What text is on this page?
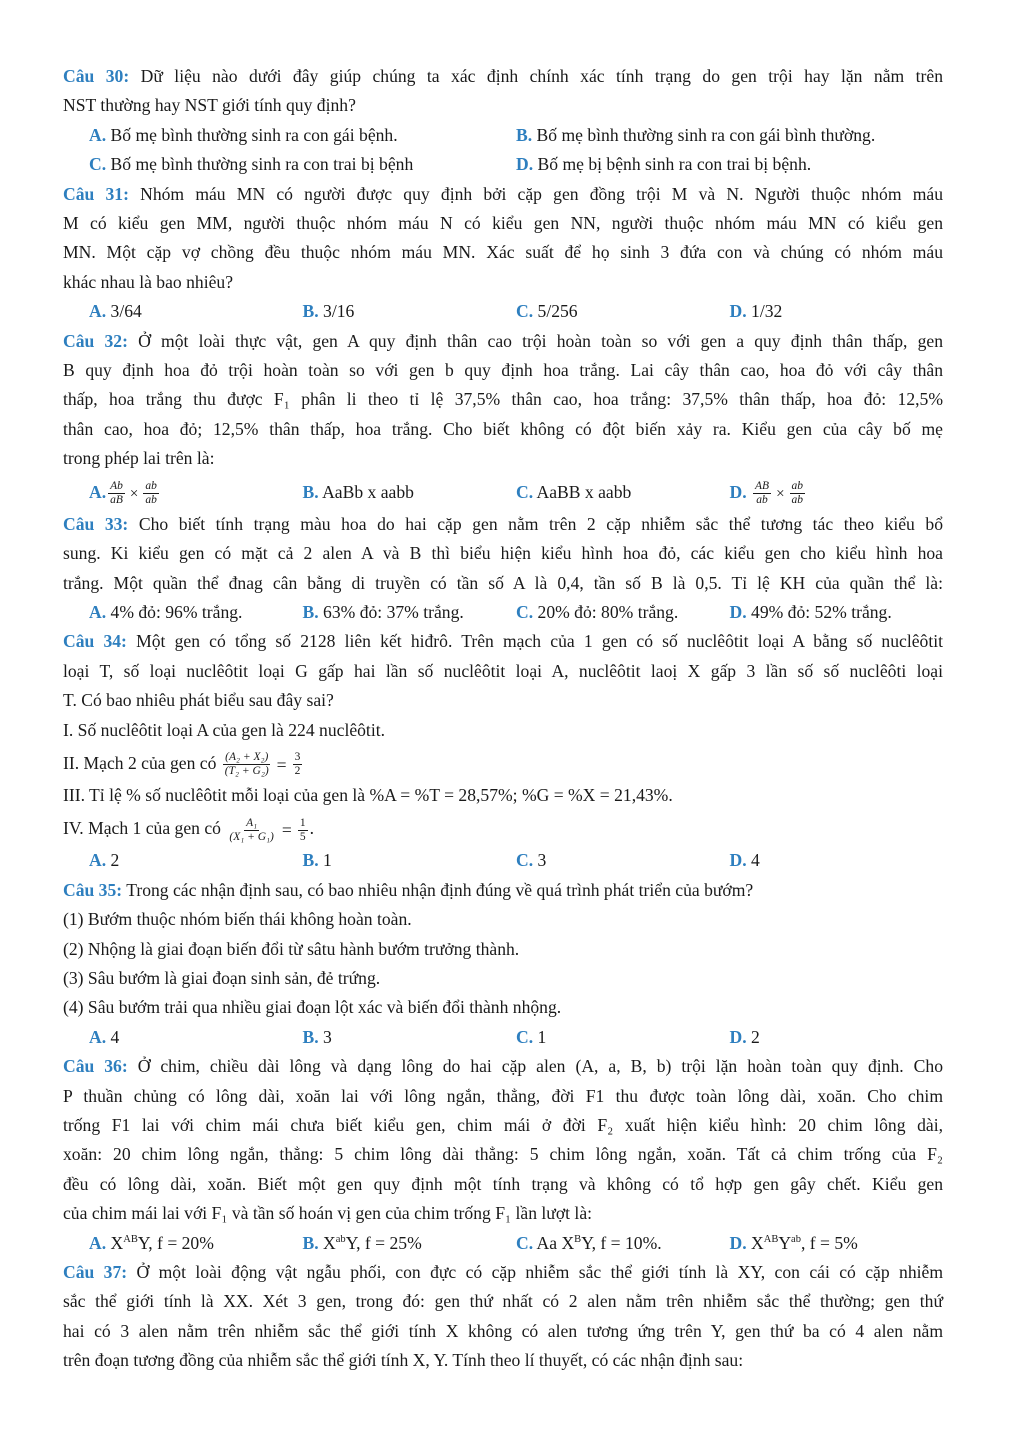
Câu 30: Dữ liệu nào dưới đây giúp chúng ta xác định chính xác tính trạng do gen trội hay lặn nằm trên
NST thường hay NST giới tính quy định?
A. Bố mẹ bình thường sinh ra con gái bệnh.	B. Bố mẹ bình thường sinh ra con gái bình thường.
C. Bố mẹ bình thường sinh ra con trai bị bệnh	D. Bố mẹ bị bệnh sinh ra con trai bị bệnh.
Câu 31: Nhóm máu MN có người được quy định bởi cặp gen đồng trội M và N. Người thuộc nhóm máu
M có kiểu gen MM, người thuộc nhóm máu N có kiểu gen NN, người thuộc nhóm máu MN có kiểu gen
MN. Một cặp vợ chồng đều thuộc nhóm máu MN. Xác suất để họ sinh 3 đứa con và chúng có nhóm máu
khác nhau là bao nhiêu?
A. 3/64	B. 3/16	C. 5/256	D. 1/32
Câu 32: Ở một loài thực vật, gen A quy định thân cao trội hoàn toàn so với gen a quy định thân thấp, gen
B quy định hoa đỏ trội hoàn toàn so với gen b quy định hoa trắng. Lai cây thân cao, hoa đỏ với cây thân
thấp, hoa trắng thu được F₁ phân li theo tỉ lệ 37,5% thân cao, hoa trắng: 37,5% thân thấp, hoa đỏ: 12,5%
thân cao, hoa đỏ; 12,5% thân thấp, hoa trắng. Cho biết không có đột biến xảy ra. Kiểu gen của cây bố mẹ
trong phép lai trên là:
A. $\frac{Ab}{aB} \times \frac{ab}{ab}$	B. AaBb x aabb	C. AaBB x aabb	D. $\frac{AB}{ab} \times \frac{ab}{ab}$
Câu 33: Cho biết tính trạng màu hoa do hai cặp gen nằm trên 2 cặp nhiễm sắc thể tương tác theo kiểu bổ
sung. Ki kiểu gen có mặt cả 2 alen A và B thì biểu hiện kiểu hình hoa đỏ, các kiểu gen cho kiểu hình hoa
trắng. Một quần thể đnag cân bằng di truyền có tần số A là 0,4, tần số B là 0,5. Tỉ lệ KH của quần thể là:
A. 4% đỏ: 96% trắng.	B. 63% đỏ: 37% trắng.	C. 20% đỏ: 80% trắng.	D. 49% đỏ: 52% trắng.
Câu 34: Một gen có tổng số 2128 liên kết hiđrô. Trên mạch của 1 gen có số nuclêôtit loại A bằng số nuclêôtit
loại T, số loại nuclêôtit loại G gấp hai lần số nuclêôtit loại A, nuclêôtit laoị X gấp 3 lần số số nuclêôti loại
T. Có bao nhiêu phát biểu sau đây sai?
I. Số nuclêôtit loại A của gen là 224 nuclêôtit.
II. Mạch 2 của gen có $\frac{\text{(A₂ + X₂)}}{\text{(T₂ + G₂)}} = \frac{3}{2}$
III. Tỉ lệ % số nuclêôtit mỗi loại của gen là %A = %T = 28,57%; %G = %X = 21,43%.
IV. Mạch 1 của gen có $\frac{\text{A₁}}{\text{(X₁ + G₁)}} = \frac{1}{5}$ .
A. 2	B. 1	C. 3	D. 4
Câu 35: Trong các nhận định sau, có bao nhiêu nhận định đúng về quá trình phát triển của bướm?
(1) Bướm thuộc nhóm biến thái không hoàn toàn.
(2) Nhộng là giai đoạn biến đổi từ sâtu hành bướm trưởng thành.
(3) Sâu bướm là giai đoạn sinh sản, đẻ trứng.
(4) Sâu bướm trải qua nhiều giai đoạn lột xác và biến đổi thành nhộng.
A. 4	B. 3	C. 1	D. 2
Câu 36: Ở chim, chiều dài lông và dạng lông do hai cặp alen (A, a, B, b) trội lặn hoàn toàn quy định. Cho
P thuần chủng có lông dài, xoăn lai với lông ngắn, thẳng, đời F1 thu được toàn lông dài, xoăn. Cho chim
trống F1 lai với chim mái chưa biết kiểu gen, chim mái ở đời F₂ xuất hiện kiểu hình: 20 chim lông dài,
xoăn: 20 chim lông ngắn, thẳng: 5 chim lông dài thẳng: 5 chim lông ngắn, xoăn. Tất cả chim trống của F₂
đều có lông dài, xoăn. Biết một gen quy định một tính trạng và không có tổ hợp gen gây chết. Kiểu gen
của chim mái lai với F₁ và tần số hoán vị gen của chim trống F₁ lần lượt là:
A. $X^{AB}Y$, f = 20%	B. $X^{ab}Y$, f = 25%	C. Aa $X^BY$, f = 10%.	D. $X^{AB}Y^{ab}$, f = 5%
Câu 37: Ở một loài động vật ngẫu phối, con đực có cặp nhiễm sắc thể giới tính là XY, con cái có cặp nhiễm
sắc thể giới tính là XX. Xét 3 gen, trong đó: gen thứ nhất có 2 alen nằm trên nhiễm sắc thể thường; gen thứ
hai có 3 alen nằm trên nhiễm sắc thể giới tính X không có alen tương ứng trên Y, gen thứ ba có 4 alen nằm
trên đoạn tương đồng của nhiễm sắc thể giới tính X, Y. Tính theo lí thuyết, có các nhận định sau:
